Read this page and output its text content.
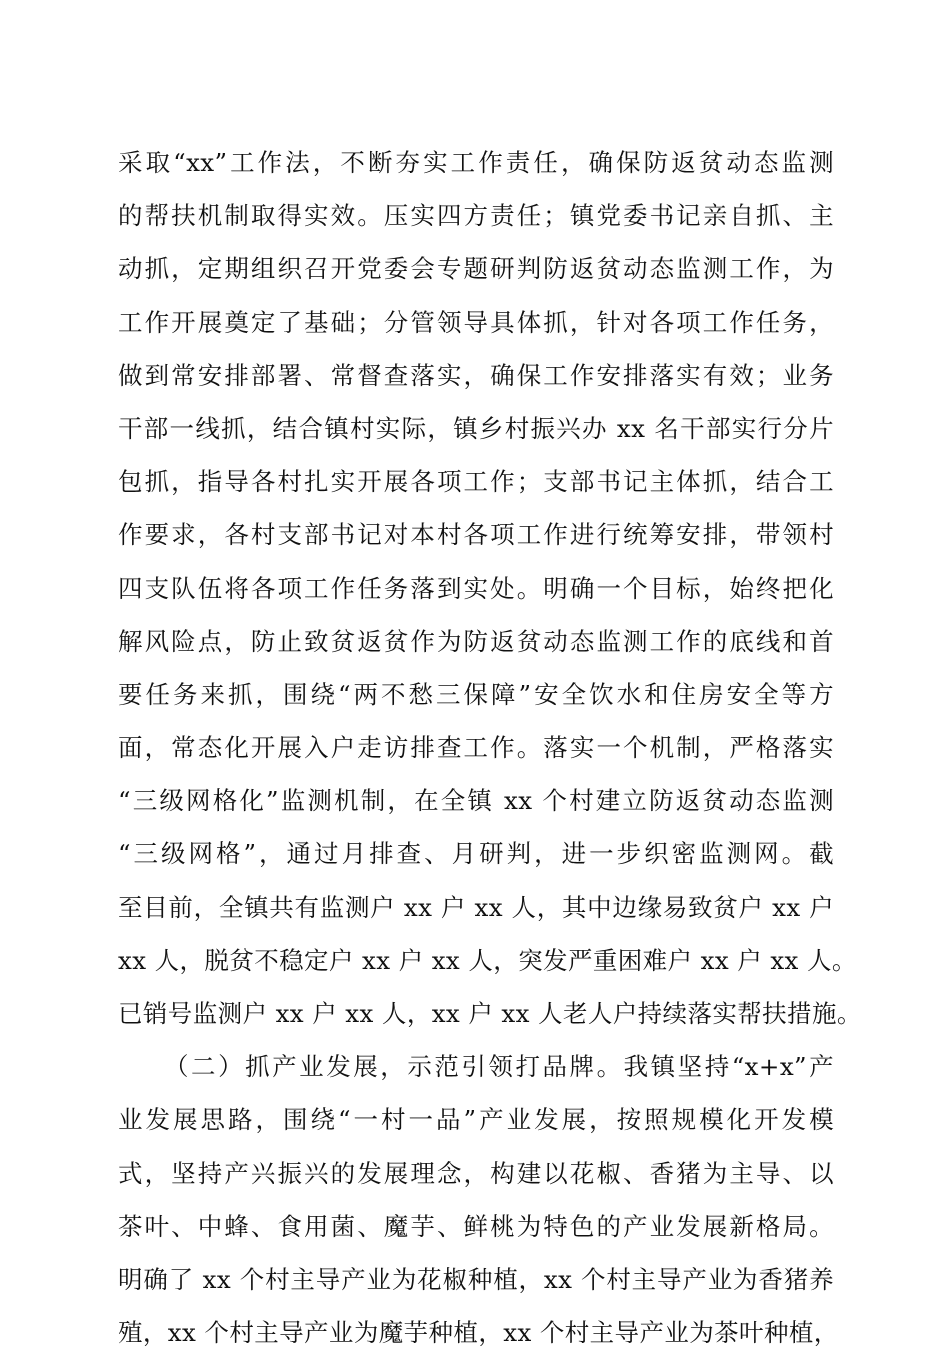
采取“xx”工作法，不断夯实工作责任，确保防返贫动态监测
的帮扶机制取得实效。压实四方责任；镇党委书记亲自抓、主
动抓，定期组织召开党委会专题研判防返贫动态监测工作，为
工作开展奠定了基础；分管领导具体抓，针对各项工作任务，
做到常安排部署、常督查落实，确保工作安排落实有效；业务
干部一线抓，结合镇村实际，镇乡村振兴办 xx 名干部实行分片
包抓，指导各村扎实开展各项工作；支部书记主体抓，结合工
作要求，各村支部书记对本村各项工作进行统筹安排，带领村
四支队伍将各项工作任务落到实处。明确一个目标，始终把化
解风险点，防止致贫返贫作为防返贫动态监测工作的底线和首
要任务来抓，围绕“两不愁三保障”安全饮水和住房安全等方
面，常态化开展入户走访排查工作。落实一个机制，严格落实
“三级网格化”监测机制，在全镇 xx 个村建立防返贫动态监测
“三级网格”，通过月排查、月研判，进一步织密监测网。截
至目前，全镇共有监测户 xx 户 xx 人，其中边缘易致贫户 xx 户
xx 人，脱贫不稳定户 xx 户 xx 人，突发严重困难户 xx 户 xx 人。
已销号监测户 xx 户 xx 人，xx 户 xx 人老人户持续落实帮扶措施。
（二）抓产业发展，示范引领打品牌。我镇坚持“x+x”产
业发展思路，围绕“一村一品”产业发展，按照规模化开发模
式，坚持产兴振兴的发展理念，构建以花椒、香猪为主导、以
茶叶、中蜂、食用菌、魔芋、鲜桃为特色的产业发展新格局。
明确了 xx 个村主导产业为花椒种植，xx 个村主导产业为香猪养
殖，xx 个村主导产业为魔芋种植，xx 个村主导产业为茶叶种植，
